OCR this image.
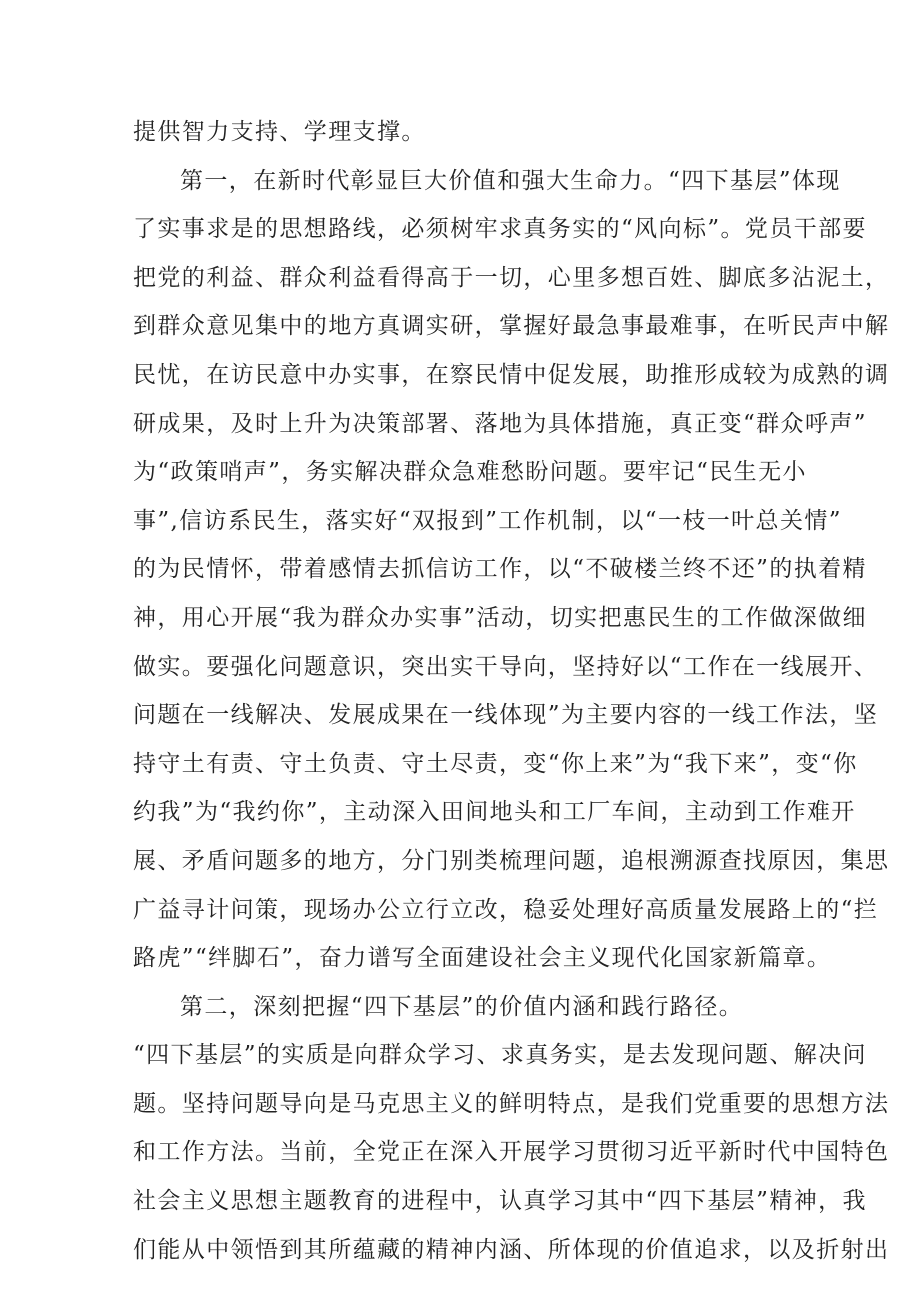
提供智力支持、学理支撑。
第一，在新时代彰显巨大价值和强大生命力。“四下基层”体现
了实事求是的思想路线，必须树牢求真务实的“风向标”。党员干部要
把党的利益、群众利益看得高于一切，心里多想百姓、脚底多沾泥土，
到群众意见集中的地方真调实研，掌握好最急事最难事，在听民声中解
民忧，在访民意中办实事，在察民情中促发展，助推形成较为成熟的调
研成果，及时上升为决策部署、落地为具体措施，真正变“群众呼声”
为“政策哨声”，务实解决群众急难愁盼问题。要牢记“民生无小
事”,信访系民生，落实好“双报到”工作机制，以“一枝一叶总关情”
的为民情怀，带着感情去抓信访工作，以“不破楼兰终不还”的执着精
神，用心开展“我为群众办实事”活动，切实把惠民生的工作做深做细
做实。要强化问题意识，突出实干导向，坚持好以“工作在一线展开、
问题在一线解决、发展成果在一线体现”为主要内容的一线工作法，坚
持守土有责、守土负责、守土尽责，变“你上来”为“我下来”，变“你
约我”为“我约你”，主动深入田间地头和工厂车间，主动到工作难开
展、矛盾问题多的地方，分门别类梳理问题，追根溯源查找原因，集思
广益寻计问策，现场办公立行立改，稳妥处理好高质量发展路上的“拦
路虎”“绊脚石”，奋力谱写全面建设社会主义现代化国家新篇章。
第二，深刻把握“四下基层”的价值内涵和践行路径。
“四下基层”的实质是向群众学习、求真务实，是去发现问题、解决问
题。坚持问题导向是马克思主义的鲜明特点，是我们党重要的思想方法
和工作方法。当前，全党正在深入开展学习贯彻习近平新时代中国特色
社会主义思想主题教育的进程中，认真学习其中“四下基层”精神，我
们能从中领悟到其所蕴藏的精神内涵、所体现的价值追求，以及折射出
